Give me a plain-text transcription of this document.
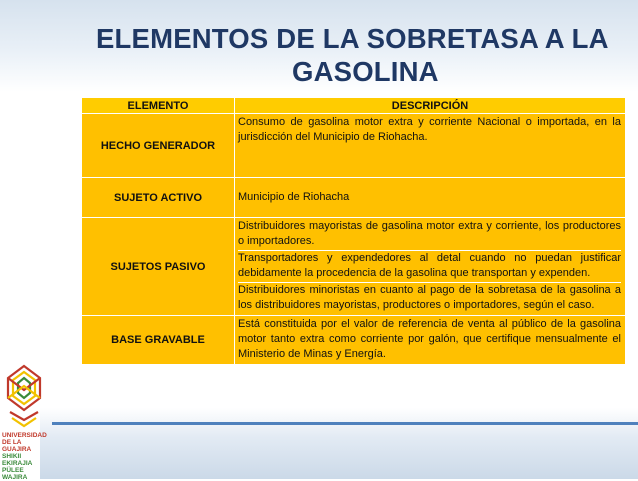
ELEMENTOS DE LA SOBRETASA A LA
GASOLINA
ELEMENTO	DESCRIPCIÓN
HECHO GENERADOR	Consumo de gasolina motor extra y corriente Nacional o importada, en la jurisdicción del Municipio de Riohacha.

SUJETO ACTIVO	Municipio de Riohacha

SUJETOS PASIVO	Distribuidores mayoristas de gasolina motor extra y corriente, los productores o importadores.
Transportadores y expendedores al detal cuando no puedan justificar debidamente la procedencia de la gasolina que transportan y expenden.
Distribuidores minoristas en cuanto al pago de la sobretasa de la gasolina a los distribuidores mayoristas, productores o importadores, según el caso.

BASE GRAVABLE	Está constituida por el valor de referencia de venta al público de la gasolina motor tanto extra como corriente por galón, que certifique mensualmente el Ministerio de Minas y Energía.
UNIVERSIDAD
DE LA GUAJIRA
SHIKII EKIRAJIA
PÜLEE WAJIRA
